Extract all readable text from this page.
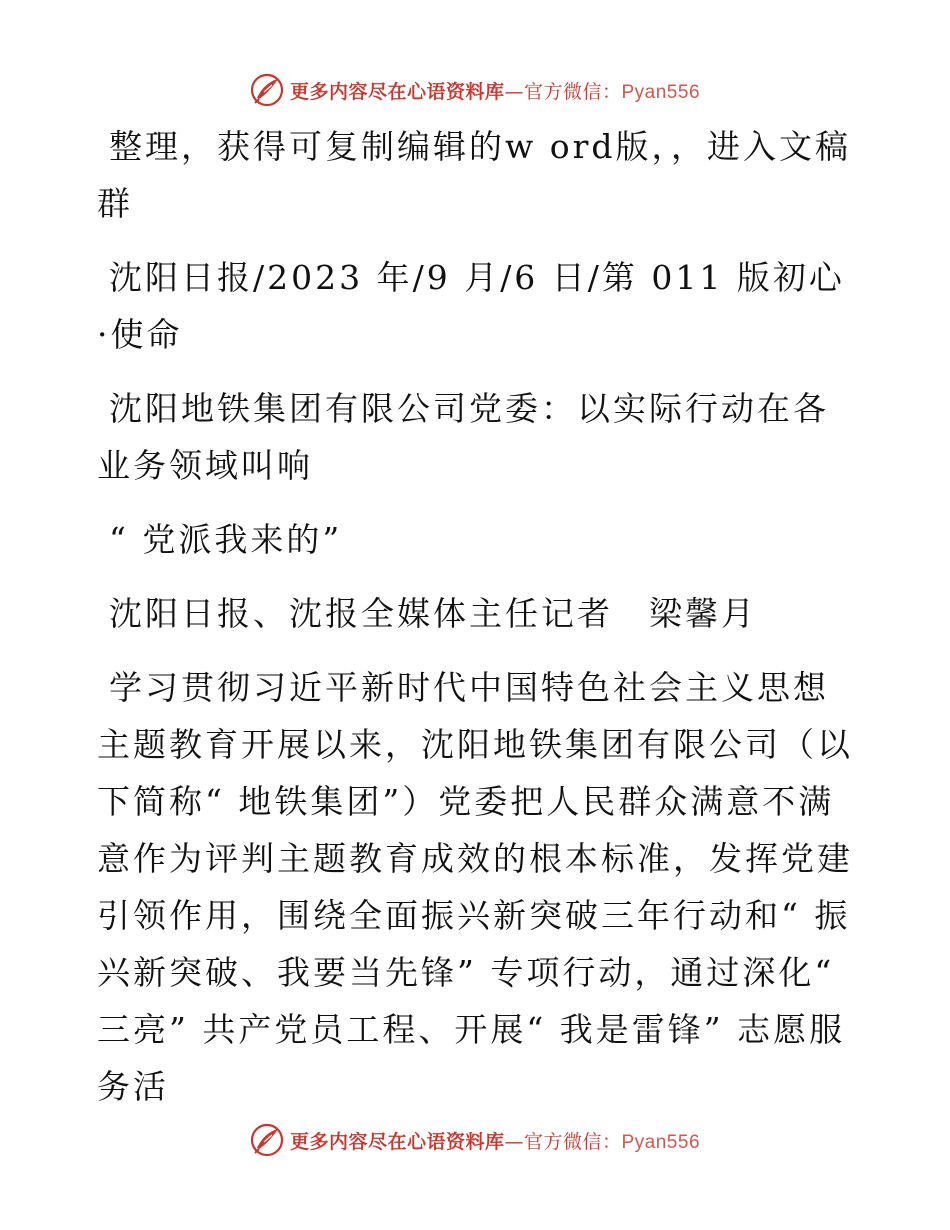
更多内容尽在心语资料库—官方微信：Pyan556

整理，获得可复制编辑的w ord版，，进入文稿群

沈阳日报/2023 年/9 月/6 日/第 011 版初心·使命

沈阳地铁集团有限公司党委：以实际行动在各业务领域叫响

“ 党派我来的”

沈阳日报、沈报全媒体主任记者　梁馨月

学习贯彻习近平新时代中国特色社会主义思想主题教育开展以来，沈阳地铁集团有限公司（以下简称“ 地铁集团”）党委把人民群众满意不满意作为评判主题教育成效的根本标准，发挥党建引领作用，围绕全面振兴新突破三年行动和“ 振兴新突破、我要当先锋” 专项行动，通过深化“ 三亮” 共产党员工程、开展“ 我是雷锋” 志愿服务活

更多内容尽在心语资料库—官方微信：Pyan556
